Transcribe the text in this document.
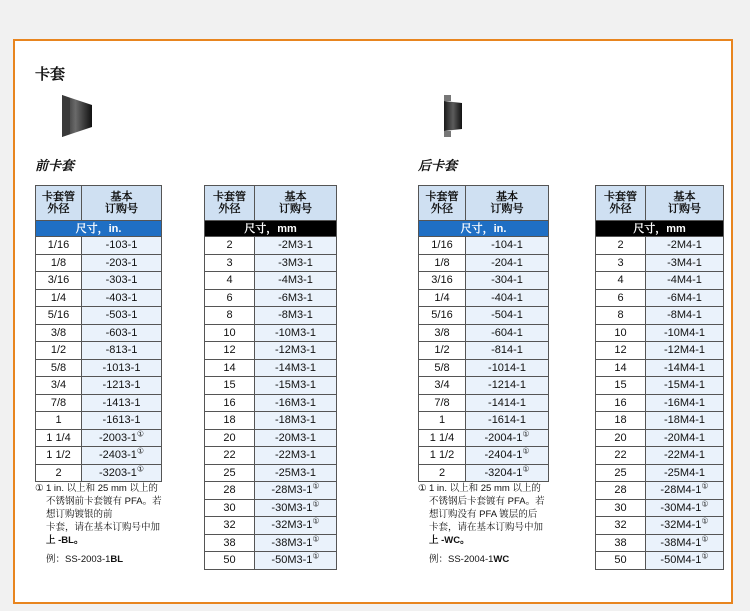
卡套
前卡套	后卡套
卡套管
外径	基本
订购号
尺寸，in.	
1/16	-103-1
1/8	-203-1
3/16	-303-1
1/4	-403-1
5/16	-503-1
3/8	-603-1
1/2	-813-1
5/8	-1013-1
3/4	-1213-1
7/8	-1413-1
1	-1613-1
1 1/4	-2003-1①
1 1/2	-2403-1①
2	-3203-1①
卡套管
外径	基本
订购号
尺寸，mm	
2	-2M3-1
3	-3M3-1
4	-4M3-1
6	-6M3-1
8	-8M3-1
10	-10M3-1
12	-12M3-1
14	-14M3-1
15	-15M3-1
16	-16M3-1
18	-18M3-1
20	-20M3-1
22	-22M3-1
25	-25M3-1
28	-28M3-1①
30	-30M3-1①
32	-32M3-1①
38	-38M3-1①
50	-50M3-1①
卡套管
外径	基本
订购号
尺寸，in.	
1/16	-104-1
1/8	-204-1
3/16	-304-1
1/4	-404-1
5/16	-504-1
3/8	-604-1
1/2	-814-1
5/8	-1014-1
3/4	-1214-1
7/8	-1414-1
1	-1614-1
1 1/4	-2004-1①
1 1/2	-2404-1①
2	-3204-1①
卡套管
外径	基本
订购号
尺寸，mm	
2	-2M4-1
3	-3M4-1
4	-4M4-1
6	-6M4-1
8	-8M4-1
10	-10M4-1
12	-12M4-1
14	-14M4-1
15	-15M4-1
16	-16M4-1
18	-18M4-1
20	-20M4-1
22	-22M4-1
25	-25M4-1
28	-28M4-1①
30	-30M4-1①
32	-32M4-1①
38	-38M4-1①
50	-50M4-1①
① 1 in. 以上和 25 mm 以上的
不锈钢前卡套镀有 PFA。若
想订购镀银的前
卡套，请在基本订购号中加
上 -BL。
例：SS-2003-1BL
① 1 in. 以上和 25 mm 以上的
不锈钢后卡套镀有 PFA。若
想订购没有 PFA 镀层的后
卡套，请在基本订购号中加
上 -WC。
例：SS-2004-1WC
